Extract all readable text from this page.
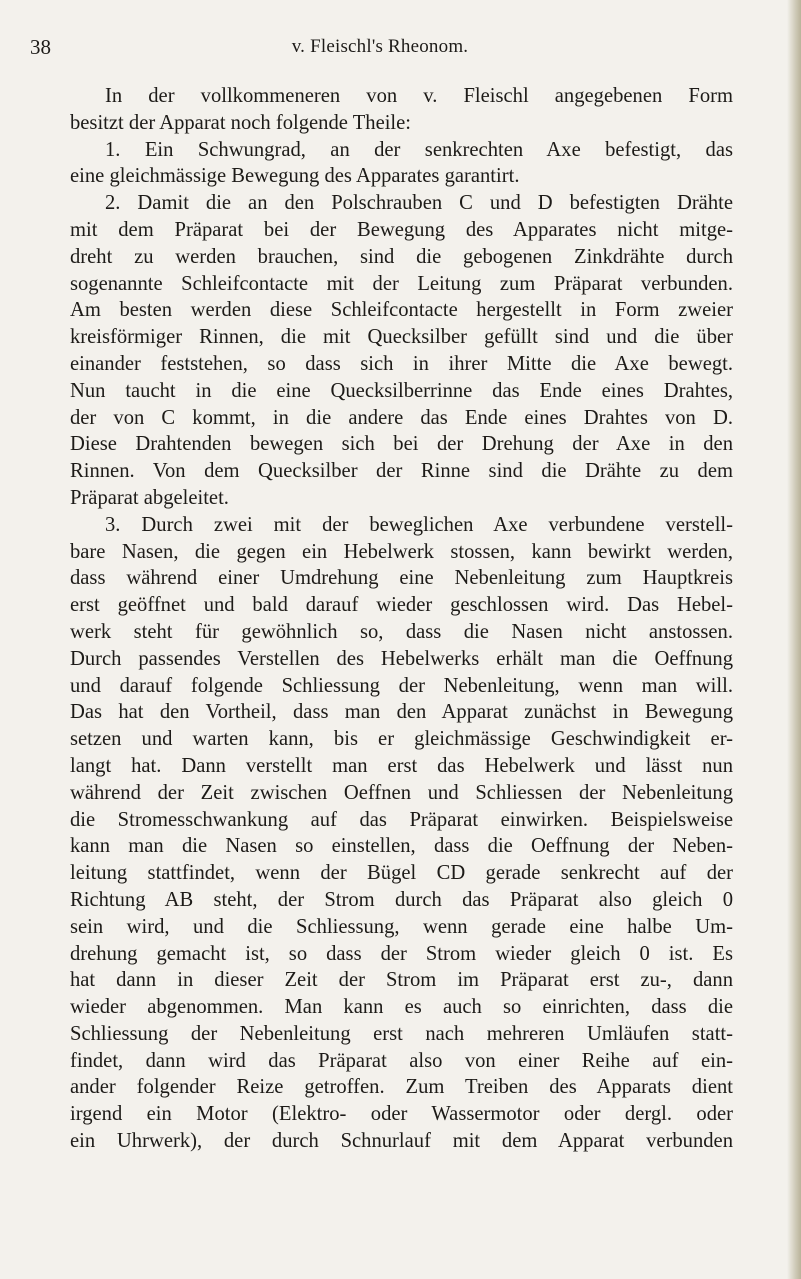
38	v. Fleischl's Rheonom.
In der vollkommeneren von v. Fleischl angegebenen Form
besitzt der Apparat noch folgende Theile:
1. Ein Schwungrad, an der senkrechten Axe befestigt, das
eine gleichmässige Bewegung des Apparates garantirt.
2. Damit die an den Polschrauben C und D befestigten Drähte
mit dem Präparat bei der Bewegung des Apparates nicht mitge-
dreht zu werden brauchen, sind die gebogenen Zinkdrähte durch
sogenannte Schleifcontacte mit der Leitung zum Präparat verbunden.
Am besten werden diese Schleifcontacte hergestellt in Form zweier
kreisförmiger Rinnen, die mit Quecksilber gefüllt sind und die über
einander feststehen, so dass sich in ihrer Mitte die Axe bewegt.
Nun taucht in die eine Quecksilberrinne das Ende eines Drahtes,
der von C kommt, in die andere das Ende eines Drahtes von D.
Diese Drahtenden bewegen sich bei der Drehung der Axe in den
Rinnen. Von dem Quecksilber der Rinne sind die Drähte zu dem
Präparat abgeleitet.
3. Durch zwei mit der beweglichen Axe verbundene verstell-
bare Nasen, die gegen ein Hebelwerk stossen, kann bewirkt werden,
dass während einer Umdrehung eine Nebenleitung zum Hauptkreis
erst geöffnet und bald darauf wieder geschlossen wird. Das Hebel-
werk steht für gewöhnlich so, dass die Nasen nicht anstossen.
Durch passendes Verstellen des Hebelwerks erhält man die Oeffnung
und darauf folgende Schliessung der Nebenleitung, wenn man will.
Das hat den Vortheil, dass man den Apparat zunächst in Bewegung
setzen und warten kann, bis er gleichmässige Geschwindigkeit er-
langt hat. Dann verstellt man erst das Hebelwerk und lässt nun
während der Zeit zwischen Oeffnen und Schliessen der Nebenleitung
die Stromesschwankung auf das Präparat einwirken. Beispielsweise
kann man die Nasen so einstellen, dass die Oeffnung der Neben-
leitung stattfindet, wenn der Bügel CD gerade senkrecht auf der
Richtung AB steht, der Strom durch das Präparat also gleich 0
sein wird, und die Schliessung, wenn gerade eine halbe Um-
drehung gemacht ist, so dass der Strom wieder gleich 0 ist. Es
hat dann in dieser Zeit der Strom im Präparat erst zu-, dann
wieder abgenommen. Man kann es auch so einrichten, dass die
Schliessung der Nebenleitung erst nach mehreren Umläufen statt-
findet, dann wird das Präparat also von einer Reihe auf ein-
ander folgender Reize getroffen. Zum Treiben des Apparats dient
irgend ein Motor (Elektro- oder Wassermotor oder dergl. oder
ein Uhrwerk), der durch Schnurlauf mit dem Apparat verbunden
